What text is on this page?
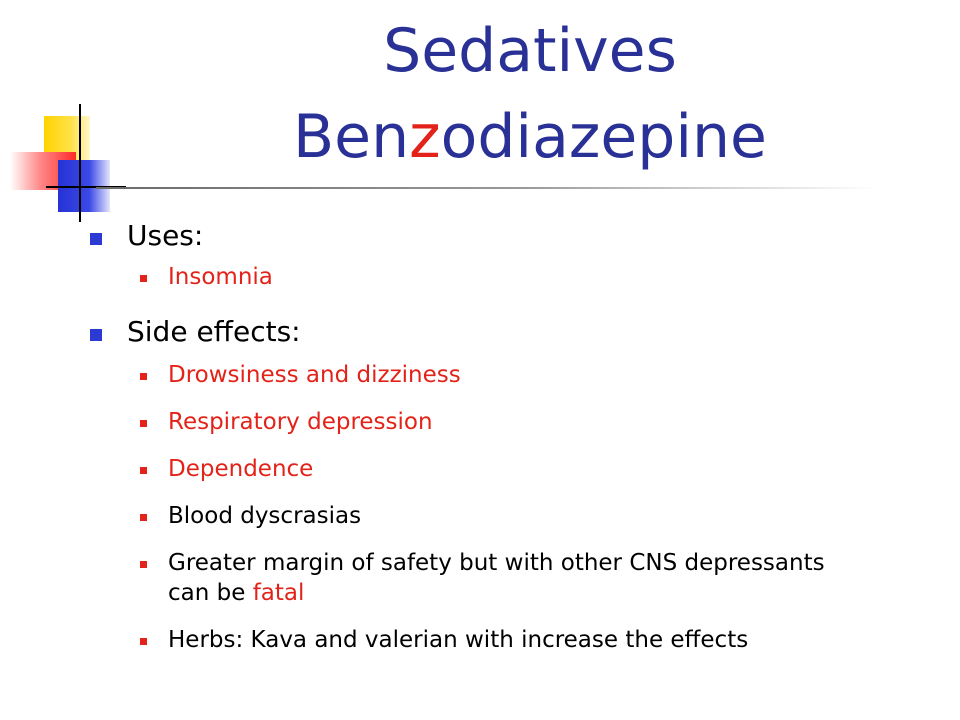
Sedatives
Benzodiazepine
Uses:
Insomnia
Side effects:
Drowsiness and dizziness
Respiratory depression
Dependence
Blood dyscrasias
Greater margin of safety but with other CNS depressants can be fatal
Herbs: Kava and valerian with increase the effects
